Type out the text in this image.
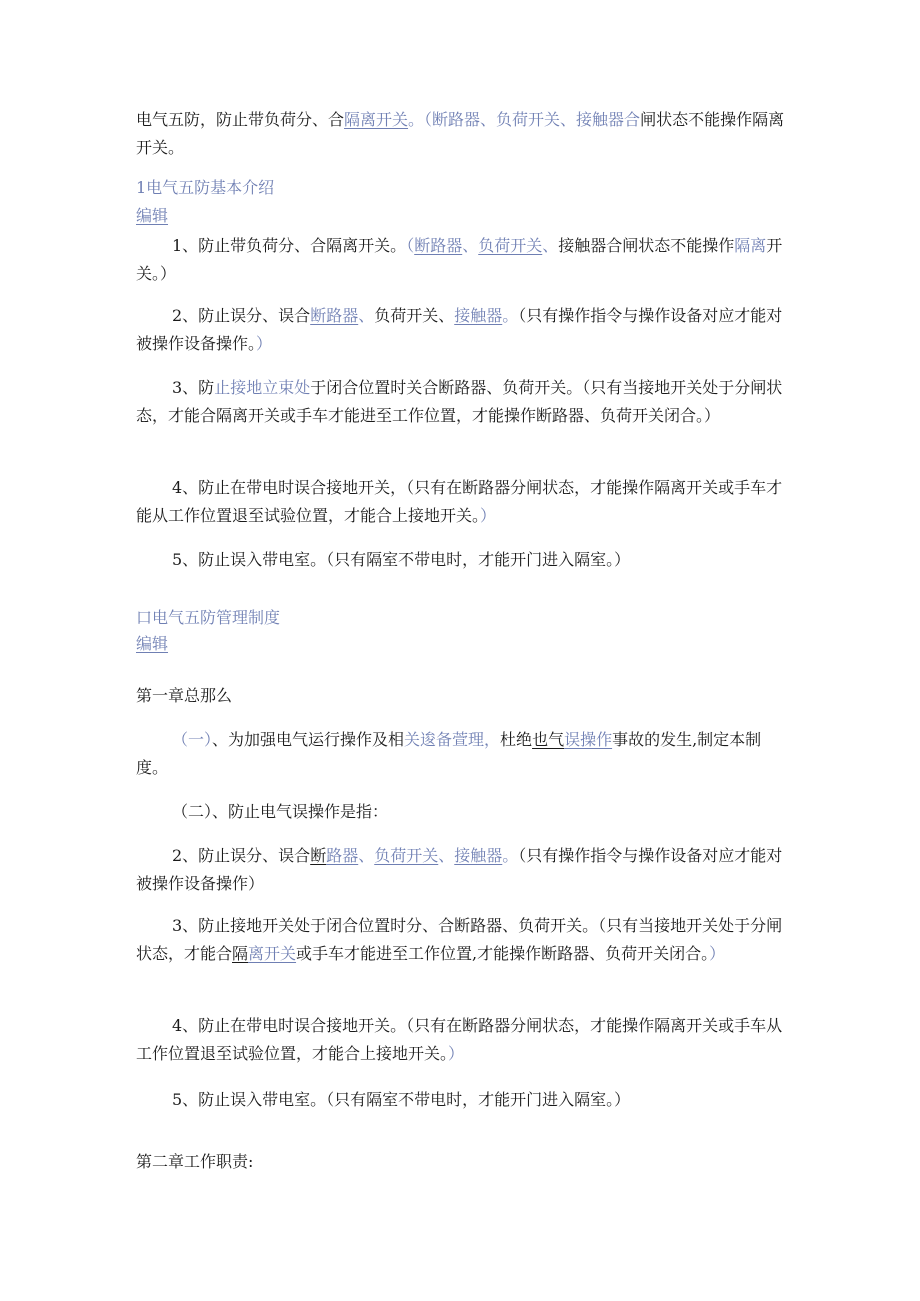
电气五防，防止带负荷分、合隔离开关。（断路器、负荷开关、接触器合闸状态不能操作隔离开关。

1电气五防基本介绍
编辑

1、防止带负荷分、合隔离开关。（断路器、负荷开关、接触器合闸状态不能操作隔离开关。）

2、防止误分、误合断路器、负荷开关、接触器。（只有操作指令与操作设备对应才能对被操作设备操作。）

3、防止接地立束处于闭合位置时关合断路器、负荷开关。（只有当接地开关处于分闸状态，才能合隔离开关或手车才能进至工作位置，才能操作断路器、负荷开关闭合。）

4、防止在带电时误合接地开关，（只有在断路器分闸状态，才能操作隔离开关或手车才能从工作位置退至试验位置，才能合上接地开关。）

5、防止误入带电室。（只有隔室不带电时，才能开门进入隔室。）

口电气五防管理制度
编辑
第一章总那么

（一）、为加强电气运行操作及相关逡备萱理，杜绝也气误操作事故的发生,制定本制度。

（二）、防止电气误操作是指：

2、防止误分、误合断路器、负荷开关、接触器。（只有操作指令与操作设备对应才能对被操作设备操作）

3、防止接地开关处于闭合位置时分、合断路器、负荷开关。（只有当接地开关处于分闸状态，才能合隔离开关或手车才能进至工作位置,才能操作断路器、负荷开关闭合。）

4、防止在带电时误合接地开关。（只有在断路器分闸状态，才能操作隔离开关或手车从工作位置退至试验位置，才能合上接地开关。）

5、防止误入带电室。（只有隔室不带电时，才能开门进入隔室。）

第二章工作职责:
